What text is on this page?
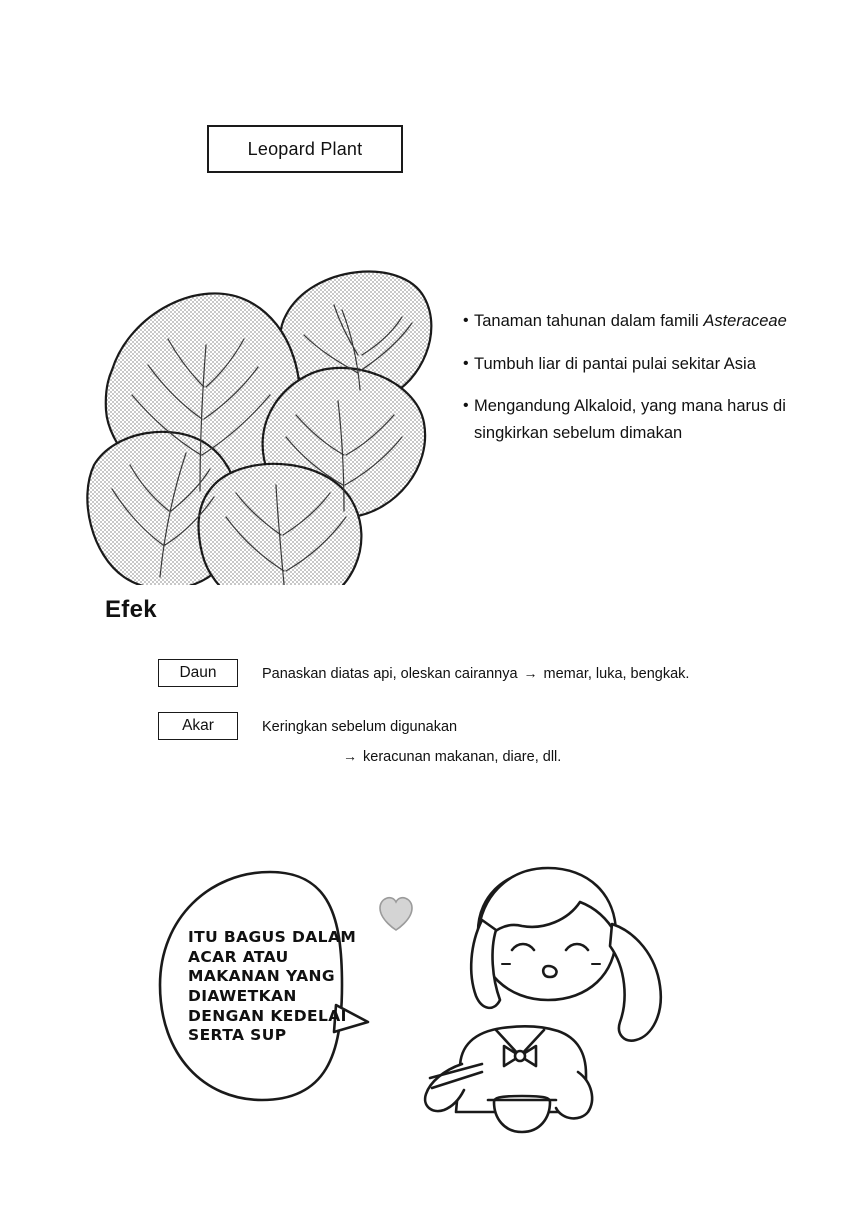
Leopard Plant
• Tanaman tahunan dalam famili Asteraceae
• Tumbuh liar di pantai pulai sekitar Asia
• Mengandung Alkaloid, yang mana harus di singkirkan sebelum dimakan
Efek
Daun	Panaskan diatas api, oleskan cairannya → memar, luka, bengkak.
Akar	Keringkan sebelum digunakan
→ keracunan makanan, diare, dll.
ITU BAGUS DALAM ACAR ATAU MAKANAN YANG DIAWETKAN DENGAN KEDELAI SERTA SUP
